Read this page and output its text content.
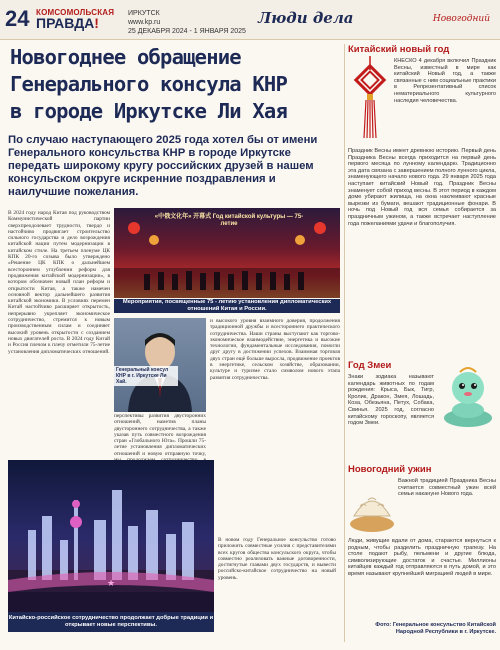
24 КОМСОМОЛЬСКАЯ
ПРАВДА!
ИРКУТСК
www.kp.ru
25 ДЕКАБРЯ 2024 - 1 ЯНВАРЯ 2025
Люди дела	Новогодний
Новогоднее обращение
Генерального консула КНР
в городе Иркутске Ли Хая
По случаю наступающего 2025 года хотел бы от имени Генерального консульства КНР в городе Иркутске передать широкому кругу российских друзей в нашем консульском округе искренние поздравления и наилучшие пожелания.
В 2024 году народ Китая под руководством Коммунистической партии сверхпреодолевает трудности, твердо и настойчиво продвигает строительство сильного государства и дело возрождения китайской нации путем модернизации в китайском стиле. На третьем пленуме ЦК КПК 20-го созыва было утверждено «Решение ЦК КПК о дальнейшем всестороннем углублении реформ для продвижения китайской модернизации», в котором обозначен новый план реформ и открытости Китая, а также намечен основной вектор дальнейшего развития китайской экономики. В условиях перемен Китай настойчиво расширяет открытость, непрерывно укрепляет экономическое сотрудничество, стремится к новым производственным силам и соединяет высокий уровень открытости с созданием новых двигателей роста. В 2024 году Китай и Россия плечом к плечу отметили 75-летие установления дипломатических отношений.
«中俄文化年» 开幕式 Год китайской культуры — 75-летие
Мероприятия, посвященные 75 - летию установления дипломатических отношений Китая и России.
Генеральный консул КНР в г. Иркутске Ли Хай.
перспективы развития двусторонних отношений, наметив планы двустороннего сотрудничества, а также указав путь совместного возрождения стран «Глобального Юга». Прошли 75-летие установления дипломатических отношений и новую отправную точку,
и высокого уровня взаимного доверия, продолжения традиционной дружбы и всестороннего практического сотрудничества. Наши страны выступают как торгово-экономическое взаимодействие, энергетика и высокие технологии, фундаментальные исследования, помогли друг другу в достижении успехов. Взаимная торговля двух стран ещё больше выросла, продвижение проектов в энергетике, сельском хозяйстве, образовании, культуре и туризме стало символом нового этапа развития сотрудничества.
★
Китайско-российское сотрудничество продолжает добрые традиции и открывает новые перспективы.
В новом году Генеральное консульство готово приложить совместные усилия с представителями всех кругов общества консульского округа, чтобы совместно реализовать важные договоренности, достигнутые главами двух государств, и вывести российско-китайское сотрудничество на новый уровень.
Китайский новый год
КНЕСКО 4 декабря включил Праздник Весны, известный в мире как китайский Новый год, а также связанные с ним социальные практики в Репрезентативный список нематериального культурного наследия человечества.
Праздник Весны имеет древнюю историю. Первый день Праздника Весны всегда приходится на первый день первого месяца по лунному календарю. Традиционно эта дата связана с завершением полного лунного цикла, знаменующего начало нового года. 29 января 2025 года наступает китайский Новый год. Праздник Весны знаменует собой приход весны. В этот период в каждом доме убирают жилища, на окна наклеивают красные вырезки из бумаги, вешают традиционные фонари. В ночь под Новый год вся семья собирается за праздничным ужином, а также встречает наступление года пожеланиями удачи и благополучия.
Год Змеи
Знаки зодиака называют календарь животных по годам рождения: Крыса, Бык, Тигр, Кролик, Дракон, Змея, Лошадь, Коза, Обезьяна, Петух, Собака, Свинья. 2025 год, согласно китайскому гороскопу, является годом Змеи.
Новогодний ужин
Важной традицией Праздника Весны считается совместный ужин всей семьи накануне Нового года.
Люди, живущие вдали от дома, стараются вернуться к родным, чтобы разделить праздничную трапезу. На столе подают рыбу, пельмени и другие блюда, символизирующие достаток и счастье. Миллионы китайцев каждый год отправляются в путь домой, и это время называют крупнейшей миграцией людей в мире.
Фото: Генеральное консульство Китайской Народной Республики в г. Иркутске.
